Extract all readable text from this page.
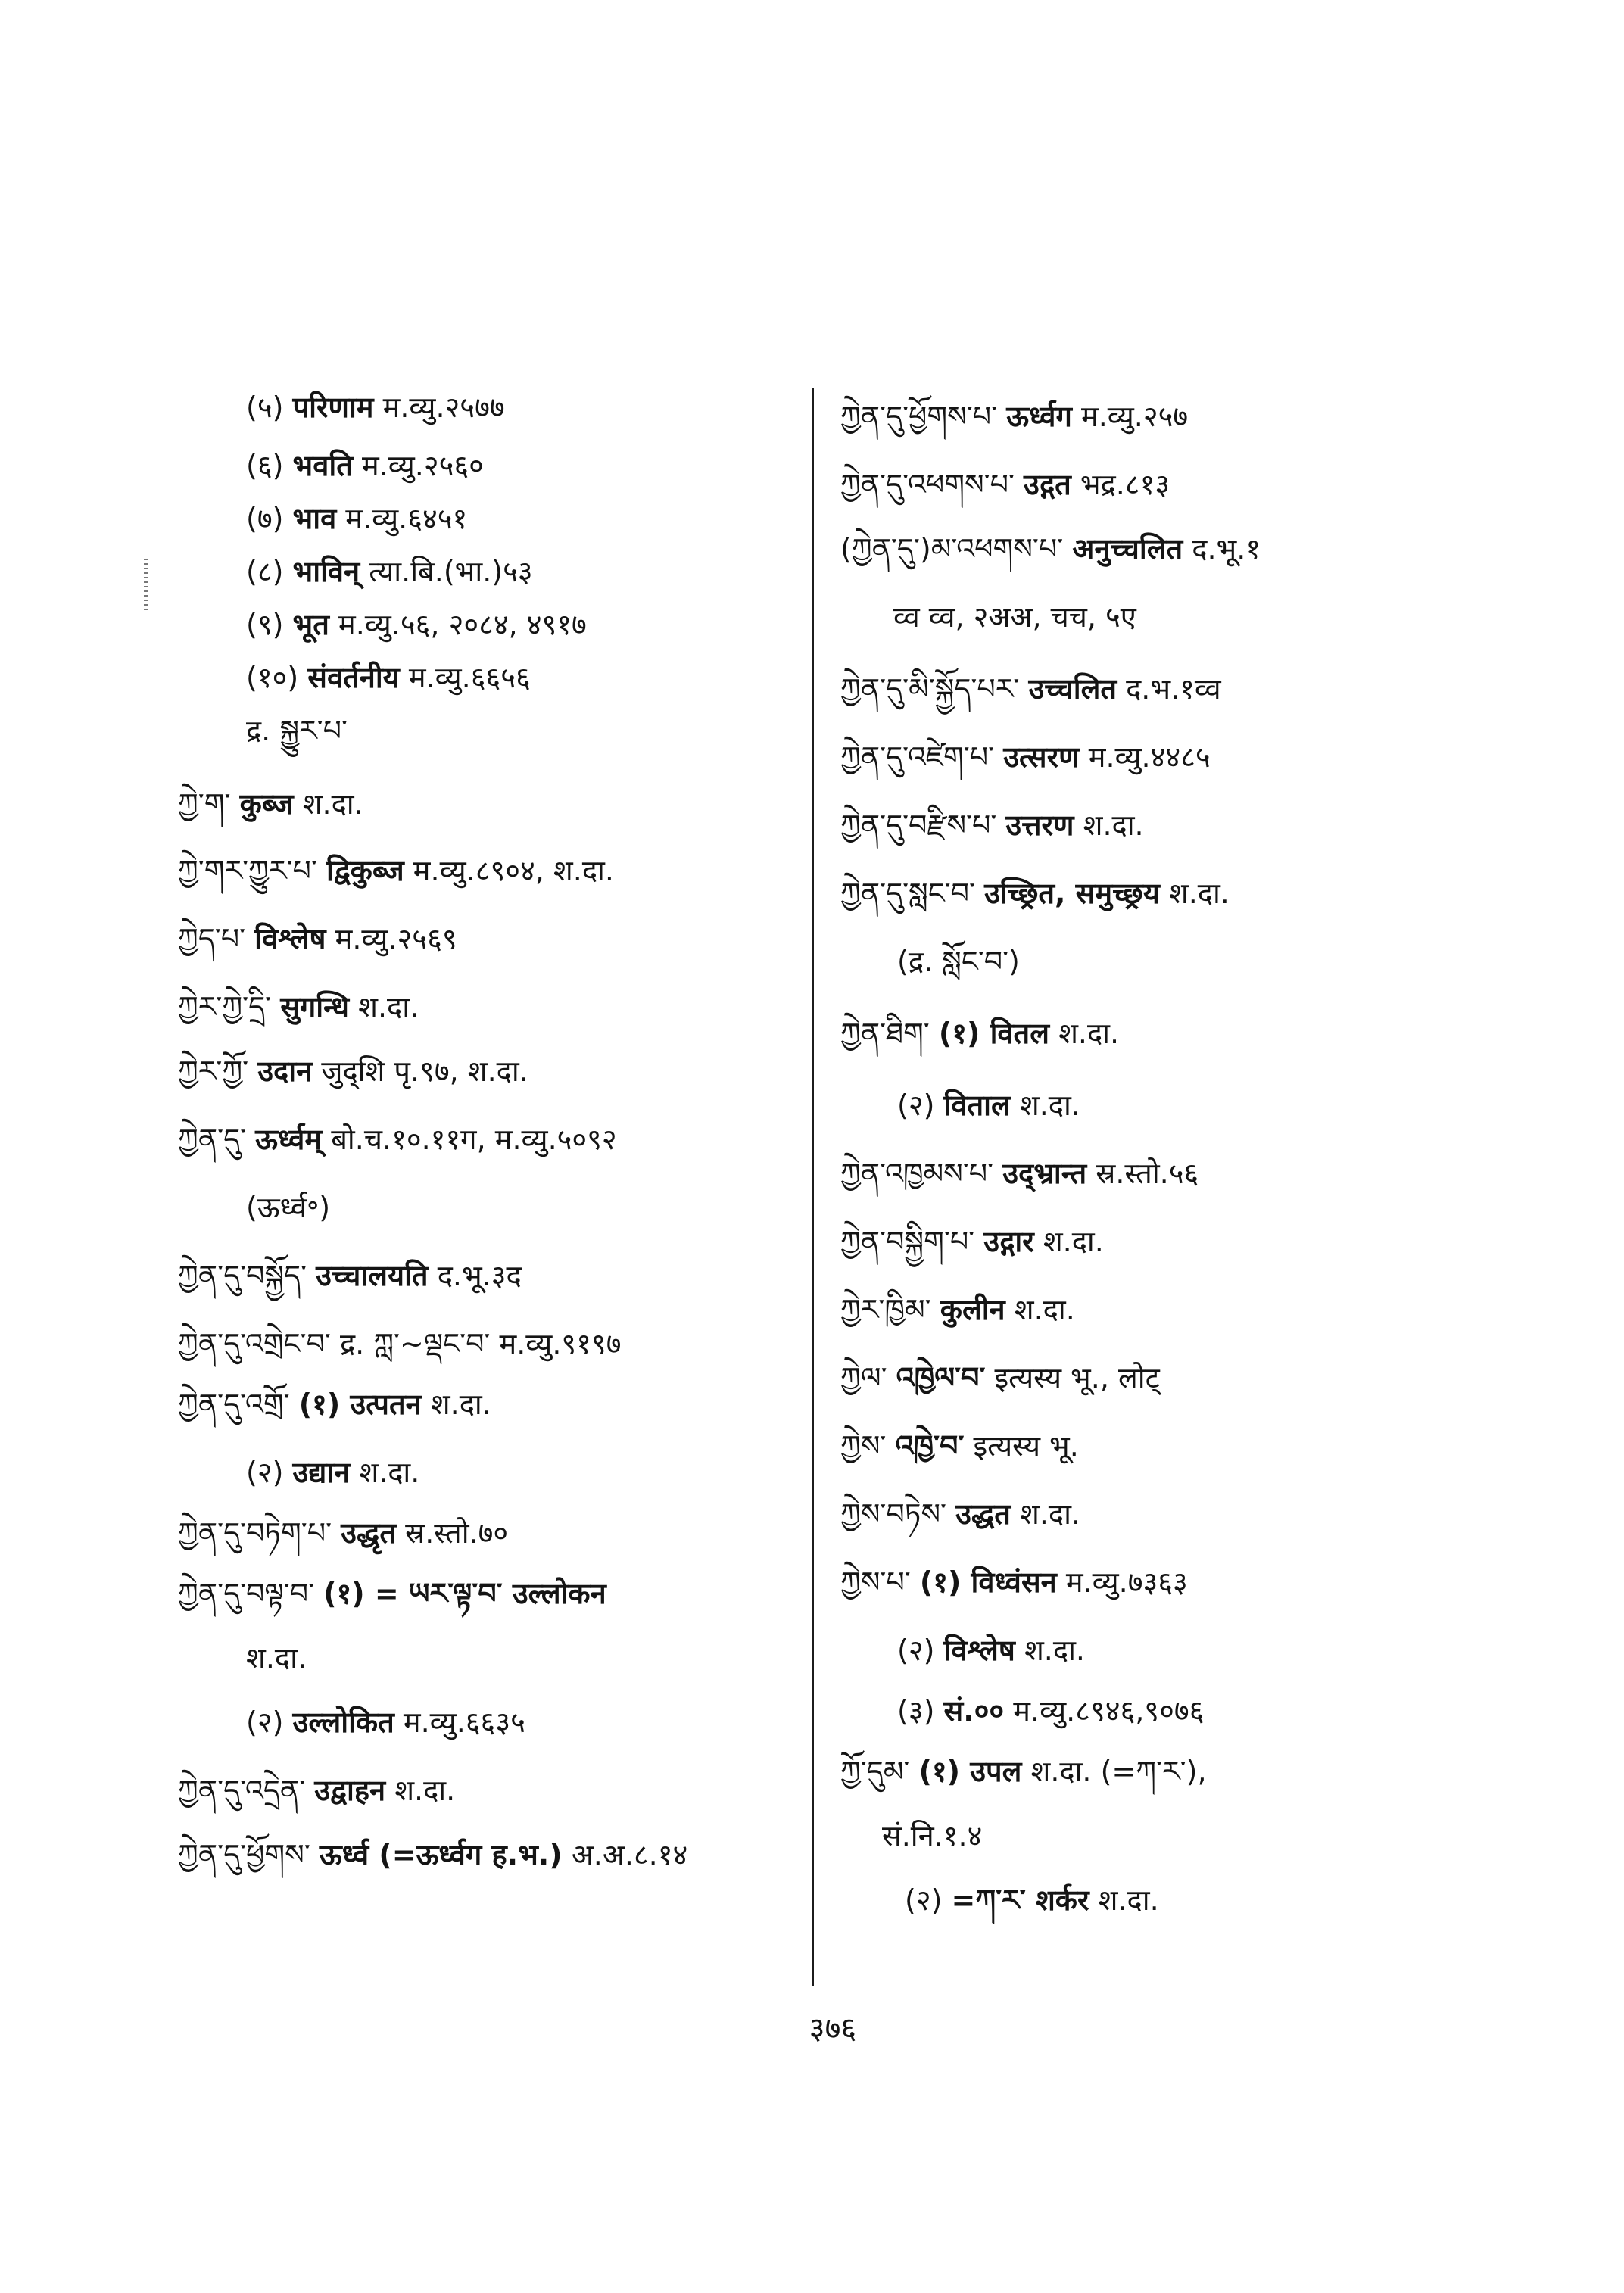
(५) परिणाम म.व्यु.२५७७
(६) भवति म.व्यु.२५६०
(७) भाव म.व्यु.६४५१
(८) भाविन् त्या.बि.(भा.)५३
(९) भूत म.व्यु.५६, २०८४, ४९१७
(१०) संवर्तनीय म.व्यु.६६५६
द्र. སྐྱུར་པ་
ཀྱེ་ག་ कुब्ज श.दा.
ཀྱེ་གར་ཀྱུར་པ་ द्विकुब्ज म.व्यु.८९०४, श.दा.
ཀྱེད་པ་ विश्लेष म.व्यु.२५६९
ཀྱེར་ཀྱེ་དྲི་ सुगन्धि श.दा.
ཀྱེར་ཀྱོ་ उदान जुद्शि पृ.९७, श.दा.
ཀྱེན་དུ་ ऊर्ध्वम् बो.च.१०.११ग, म.व्यु.५०९२
(ऊर्ध्व॰)
ཀྱེན་དུ་བསྐྱོད་ उच्चालयति द.भू.३द
ཀྱེན་དུ་འགྲེང་བ་ द्र. ཀླ་~ལྡང་བ་ म.व्यु.९१९७
ཀྱེན་དུ་འགྲོ་ (१) उत्पतन श.दा.
(२) उद्यान श.दा.
ཀྱེན་དུ་བཏེག་པ་ उद्धृत स्र.स्तो.७०
ཀྱེན་དུ་བལྟ་བ་ (१) = ཡར་ལྟ་བ་ उल्लोकन
श.दा.
(२) उल्लोकित म.व्यु.६६३५
ཀྱེན་དུ་འདྲེན་ उद्वाहन श.दा.
ཀྱེན་དུ་ཕྱོགས་ ऊर्ध्व (=ऊर्ध्वग ह.भ.) अ.अ.८.१४
ཀྱེན་དུ་ཕྱོགས་པ་ ऊर्ध्वग म.व्यु.२५७
ཀྱེན་དུ་འཕགས་པ་ उद्गत भद्र.८१३
(ཀྱེན་དུ་)མ་འཕགས་པ་ अनुच्चलित द.भू.१
व्व व्व, २अअ, चच, ५ए
ཀྱེན་དུ་མི་སྐྱོད་པར་ उच्चलित द.भ.१व्व
ཀྱེན་དུ་འཛེག་པ་ उत्सरण म.व्यु.४४८५
ཀྱེན་དུ་བརྫིས་པ་ उत्तरण श.दा.
ཀྱེན་དུ་སླང་བ་ उच्छ्रित, समुच्छ्रय श.दा.
(द्र. སློང་བ་)
ཀྱེན་ཐིག་ (१) वितल श.दा.
(२) विताल श.दा.
ཀྱེན་འཁྱམས་པ་ उद्भ्रान्त स्र.स्तो.५६
ཀྱེན་བསྐྱིག་པ་ उद्गार श.दा.
ཀྱེར་ཁྱིམ་ कुलीन श.दा.
ཀྱེལ་ འཁྱེལ་བ་ इत्यस्य भू., लोट्
ཀྱེས་ འཁྱེ་བ་ इत्यस्य भू.
ཀྱེས་བཏེས་ उद्धत श.दा.
ཀྱེས་པ་ (१) विध्वंसन म.व्यु.७३६३
(२) विश्लेष श.दा.
(३) सं.०० म.व्यु.८९४६,९०७६
ཀྱོ་དུམ་ (१) उपल श.दा. (=ཀ་ར་),
सं.नि.१.४
(२) =ཀ་ར་ शर्कर श.दा.
३७६
